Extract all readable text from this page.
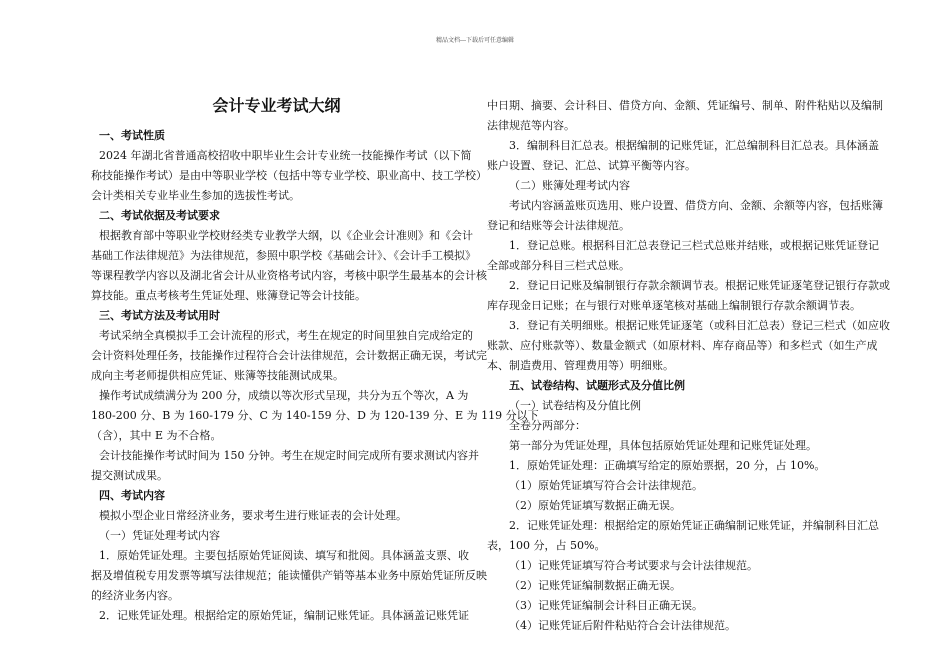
精品文档---下载后可任意编辑
会计专业考试大纲
一、考试性质
2024 年湖北省普通高校招收中职毕业生会计专业统一技能操作考试（以下简
称技能操作考试）是由中等职业学校（包括中等专业学校、职业高中、技工学校）
会计类相关专业毕业生参加的选拔性考试。
二、考试依据及考试要求
根据教育部中等职业学校财经类专业教学大纲，以《企业会计准则》和《会计
基础工作法律规范》为法律规范，参照中职学校《基础会计》、《会计手工模拟》
等课程教学内容以及湖北省会计从业资格考试内容，考核中职学生最基本的会计核
算技能。重点考核考生凭证处理、账簿登记等会计技能。
三、考试方法及考试用时
考试采纳全真模拟手工会计流程的形式，考生在规定的时间里独自完成给定的
会计资料处理任务，技能操作过程符合会计法律规范，会计数据正确无误，考试完
成向主考老师提供相应凭证、账簿等技能测试成果。
操作考试成绩满分为 200 分，成绩以等次形式呈现，共分为五个等次，A 为
180-200 分、B 为 160-179 分、C 为 140-159 分、D 为 120-139 分、E 为 119 分以下
（含），其中 E 为不合格。
会计技能操作考试时间为 150 分钟。考生在规定时间完成所有要求测试内容并
提交测试成果。
四、考试内容
模拟小型企业日常经济业务，要求考生进行账证表的会计处理。
（一）凭证处理考试内容
1．原始凭证处理。主要包括原始凭证阅读、填写和批阅。具体涵盖支票、收
据及增值税专用发票等填写法律规范；能读懂供产销等基本业务中原始凭证所反映
的经济业务内容。
2．记账凭证处理。根据给定的原始凭证，编制记账凭证。具体涵盖记账凭证
中日期、摘要、会计科目、借贷方向、金额、凭证编号、制单、附件粘贴以及编制
法律规范等内容。
3．编制科目汇总表。根据编制的记账凭证，汇总编制科目汇总表。具体涵盖
账户设置、登记、汇总、试算平衡等内容。
（二）账簿处理考试内容
考试内容涵盖账页选用、账户设置、借贷方向、金额、余额等内容，包括账簿
登记和结账等会计法律规范。
1．登记总账。根据科目汇总表登记三栏式总账并结账，或根据记账凭证登记
全部或部分科目三栏式总账。
2．登记日记账及编制银行存款余额调节表。根据记账凭证逐笔登记银行存款或
库存现金日记账；在与银行对账单逐笔核对基础上编制银行存款余额调节表。
3．登记有关明细账。根据记账凭证逐笔（或科目汇总表）登记三栏式（如应收
账款、应付账款等）、数量金额式（如原材料、库存商品等）和多栏式（如生产成
本、制造费用、管理费用等）明细账。
五、试卷结构、试题形式及分值比例
（一）试卷结构及分值比例
全卷分两部分：
第一部分为凭证处理，具体包括原始凭证处理和记账凭证处理。
1．原始凭证处理：正确填写给定的原始票据，20 分，占 10%。
（1）原始凭证填写符合会计法律规范。
（2）原始凭证填写数据正确无误。
2．记账凭证处理：根据给定的原始凭证正确编制记账凭证，并编制科目汇总
表，100 分，占 50%。
（1）记账凭证填写符合考试要求与会计法律规范。
（2）记账凭证编制数据正确无误。
（3）记账凭证编制会计科目正确无误。
（4）记账凭证后附件粘贴符合会计法律规范。
